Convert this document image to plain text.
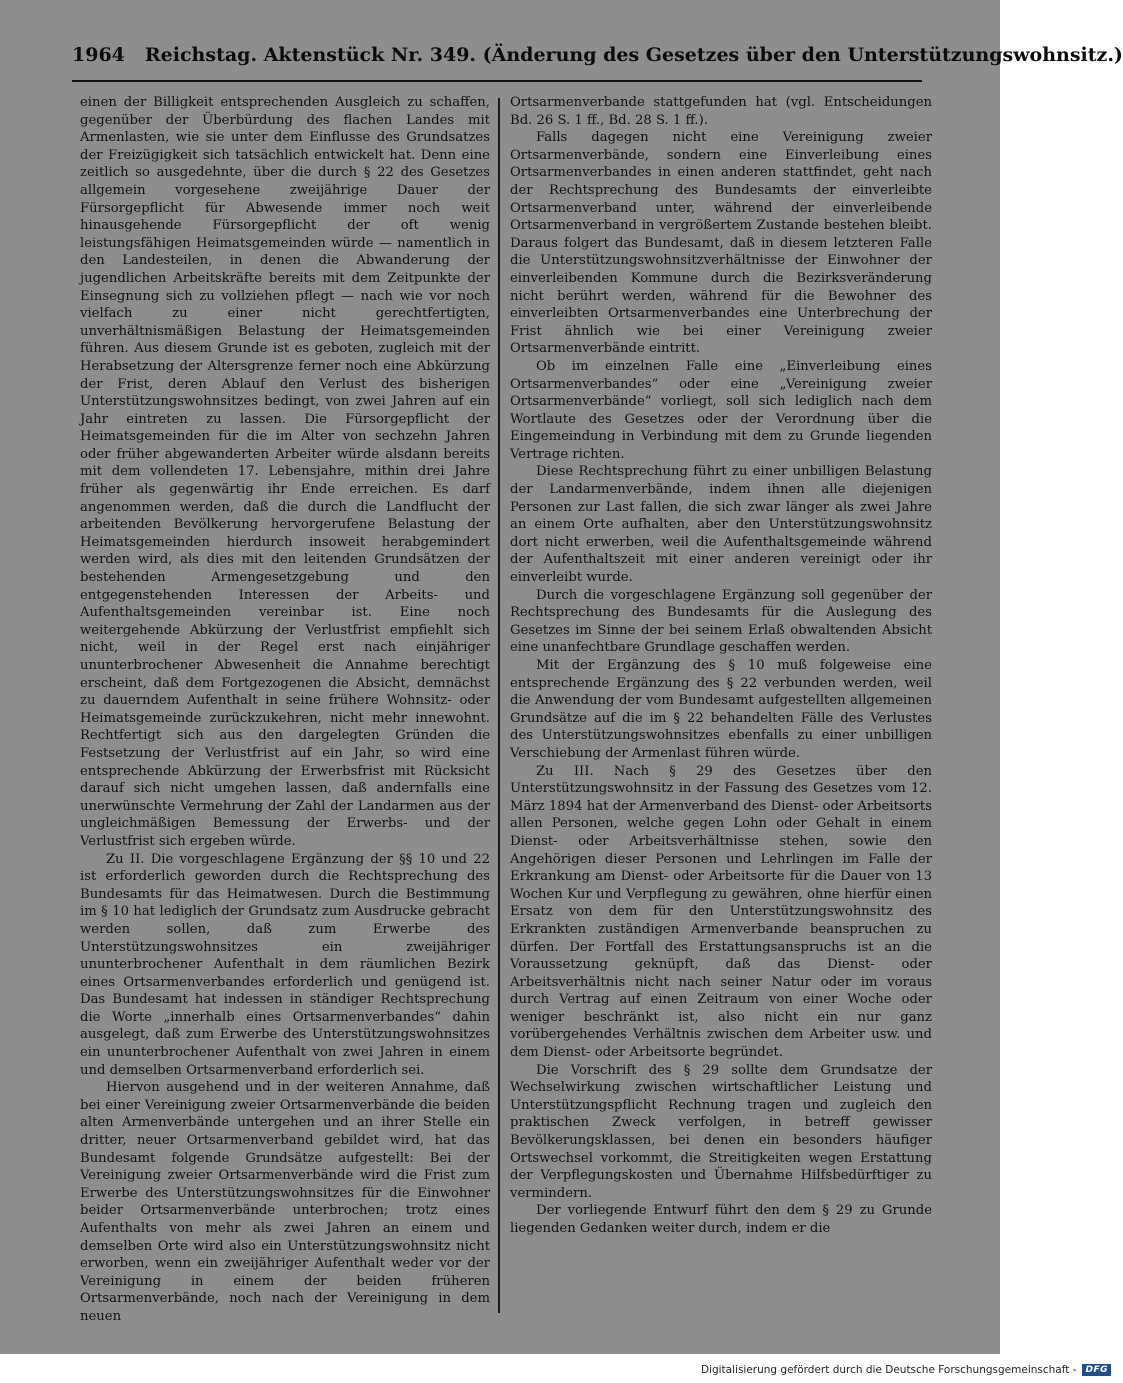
1964 Reichstag. Aktenstück Nr. 349. (Änderung des Gesetzes über den Unterstützungswohnsitz.)

einen der Billigkeit entsprechenden Ausgleich zu schaffen, gegenüber der Überbürdung des flachen Landes mit Armenlasten, wie sie unter dem Einflusse des Grundsatzes der Freizügigkeit sich tatsächlich entwickelt hat. Denn eine zeitlich so ausgedehnte, über die durch § 22 des Gesetzes allgemein vorgesehene zweijährige Dauer der Fürsorgepflicht für Abwesende immer noch weit hinausgehende Fürsorgepflicht der oft wenig leistungsfähigen Heimatsgemeinden würde — namentlich in den Landesteilen, in denen die Abwanderung der jugendlichen Arbeitskräfte bereits mit dem Zeitpunkte der Einsegnung sich zu vollziehen pflegt — nach wie vor noch vielfach zu einer nicht gerechtfertigten, unverhältnismäßigen Belastung der Heimatsgemeinden führen. Aus diesem Grunde ist es geboten, zugleich mit der Herabsetzung der Altersgrenze ferner noch eine Abkürzung der Frist, deren Ablauf den Verlust des bisherigen Unterstützungswohnsitzes bedingt, von zwei Jahren auf ein Jahr eintreten zu lassen. Die Fürsorgepflicht der Heimatsgemeinden für die im Alter von sechzehn Jahren oder früher abgewanderten Arbeiter würde alsdann bereits mit dem vollendeten 17. Lebensjahre, mithin drei Jahre früher als gegenwärtig ihr Ende erreichen. Es darf angenommen werden, daß die durch die Landflucht der arbeitenden Bevölkerung hervorgerufene Belastung der Heimatsgemeinden hierdurch insoweit herabgemindert werden wird, als dies mit den leitenden Grundsätzen der bestehenden Armengesetzgebung und den entgegenstehenden Interessen der Arbeits- und Aufenthaltsgemeinden vereinbar ist. Eine noch weitergehende Abkürzung der Verlustfrist empfiehlt sich nicht, weil in der Regel erst nach einjähriger ununterbrochener Abwesenheit die Annahme berechtigt erscheint, daß dem Fortgezogenen die Absicht, demnächst zu dauerndem Aufenthalt in seine frühere Wohnsitz- oder Heimatsgemeinde zurückzukehren, nicht mehr innewohnt. Rechtfertigt sich aus den dargelegten Gründen die Festsetzung der Verlustfrist auf ein Jahr, so wird eine entsprechende Abkürzung der Erwerbsfrist mit Rücksicht darauf sich nicht umgehen lassen, daß andernfalls eine unerwünschte Vermehrung der Zahl der Landarmen aus der ungleichmäßigen Bemessung der Erwerbs- und der Verlustfrist sich ergeben würde.

Zu II. Die vorgeschlagene Ergänzung der §§ 10 und 22 ist erforderlich geworden durch die Rechtsprechung des Bundesamts für das Heimatwesen. Durch die Bestimmung im § 10 hat lediglich der Grundsatz zum Ausdrucke gebracht werden sollen, daß zum Erwerbe des Unterstützungswohnsitzes ein zweijähriger ununterbrochener Aufenthalt in dem räumlichen Bezirk eines Ortsarmenverbandes erforderlich und genügend ist. Das Bundesamt hat indessen in ständiger Rechtsprechung die Worte „innerhalb eines Ortsarmenverbandes“ dahin ausgelegt, daß zum Erwerbe des Unterstützungswohnsitzes ein ununterbrochener Aufenthalt von zwei Jahren in einem und demselben Ortsarmenverband erforderlich sei.

Hiervon ausgehend und in der weiteren Annahme, daß bei einer Vereinigung zweier Ortsarmenverbände die beiden alten Armenverbände untergehen und an ihrer Stelle ein dritter, neuer Ortsarmenverband gebildet wird, hat das Bundesamt folgende Grundsätze aufgestellt: Bei der Vereinigung zweier Ortsarmenverbände wird die Frist zum Erwerbe des Unterstützungswohnsitzes für die Einwohner beider Ortsarmenverbände unterbrochen; trotz eines Aufenthalts von mehr als zwei Jahren an einem und demselben Orte wird also ein Unterstützungswohnsitz nicht erworben, wenn ein zweijähriger Aufenthalt weder vor der Vereinigung in einem der beiden früheren Ortsarmenverbände, noch nach der Vereinigung in dem neuen

Ortsarmenverbande stattgefunden hat (vgl. Entscheidungen Bd. 26 S. 1 ff., Bd. 28 S. 1 ff.).

Falls dagegen nicht eine Vereinigung zweier Ortsarmenverbände, sondern eine Einverleibung eines Ortsarmenverbandes in einen anderen stattfindet, geht nach der Rechtsprechung des Bundesamts der einverleibte Ortsarmenverband unter, während der einverleibende Ortsarmenverband in vergrößertem Zustande bestehen bleibt. Daraus folgert das Bundesamt, daß in diesem letzteren Falle die Unterstützungswohnsitzverhältnisse der Einwohner der einverleibenden Kommune durch die Bezirksveränderung nicht berührt werden, während für die Bewohner des einverleibten Ortsarmenverbandes eine Unterbrechung der Frist ähnlich wie bei einer Vereinigung zweier Ortsarmenverbände eintritt.

Ob im einzelnen Falle eine „Einverleibung eines Ortsarmenverbandes“ oder eine „Vereinigung zweier Ortsarmenverbände“ vorliegt, soll sich lediglich nach dem Wortlaute des Gesetzes oder der Verordnung über die Eingemeindung in Verbindung mit dem zu Grunde liegenden Vertrage richten.

Diese Rechtsprechung führt zu einer unbilligen Belastung der Landarmenverbände, indem ihnen alle diejenigen Personen zur Last fallen, die sich zwar länger als zwei Jahre an einem Orte aufhalten, aber den Unterstützungswohnsitz dort nicht erwerben, weil die Aufenthaltsgemeinde während der Aufenthaltszeit mit einer anderen vereinigt oder ihr einverleibt wurde.

Durch die vorgeschlagene Ergänzung soll gegenüber der Rechtsprechung des Bundesamts für die Auslegung des Gesetzes im Sinne der bei seinem Erlaß obwaltenden Absicht eine unanfechtbare Grundlage geschaffen werden.

Mit der Ergänzung des § 10 muß folgeweise eine entsprechende Ergänzung des § 22 verbunden werden, weil die Anwendung der vom Bundesamt aufgestellten allgemeinen Grundsätze auf die im § 22 behandelten Fälle des Verlustes des Unterstützungswohnsitzes ebenfalls zu einer unbilligen Verschiebung der Armenlast führen würde.

Zu III. Nach § 29 des Gesetzes über den Unterstützungswohnsitz in der Fassung des Gesetzes vom 12. März 1894 hat der Armenverband des Dienst- oder Arbeitsorts allen Personen, welche gegen Lohn oder Gehalt in einem Dienst- oder Arbeitsverhältnisse stehen, sowie den Angehörigen dieser Personen und Lehrlingen im Falle der Erkrankung am Dienst- oder Arbeitsorte für die Dauer von 13 Wochen Kur und Verpflegung zu gewähren, ohne hierfür einen Ersatz von dem für den Unterstützungswohnsitz des Erkrankten zuständigen Armenverbande beanspruchen zu dürfen. Der Fortfall des Erstattungsanspruchs ist an die Voraussetzung geknüpft, daß das Dienst- oder Arbeitsverhältnis nicht nach seiner Natur oder im voraus durch Vertrag auf einen Zeitraum von einer Woche oder weniger beschränkt ist, also nicht ein nur ganz vorübergehendes Verhältnis zwischen dem Arbeiter usw. und dem Dienst- oder Arbeitsorte begründet.

Die Vorschrift des § 29 sollte dem Grundsatze der Wechselwirkung zwischen wirtschaftlicher Leistung und Unterstützungspflicht Rechnung tragen und zugleich den praktischen Zweck verfolgen, in betreff gewisser Bevölkerungsklassen, bei denen ein besonders häufiger Ortswechsel vorkommt, die Streitigkeiten wegen Erstattung der Verpflegungskosten und Übernahme Hilfsbedürftiger zu vermindern.

Der vorliegende Entwurf führt den dem § 29 zu Grunde liegenden Gedanken weiter durch, indem er die

Digitalisierung gefördert durch die Deutsche Forschungsgemeinschaft -	DFG
